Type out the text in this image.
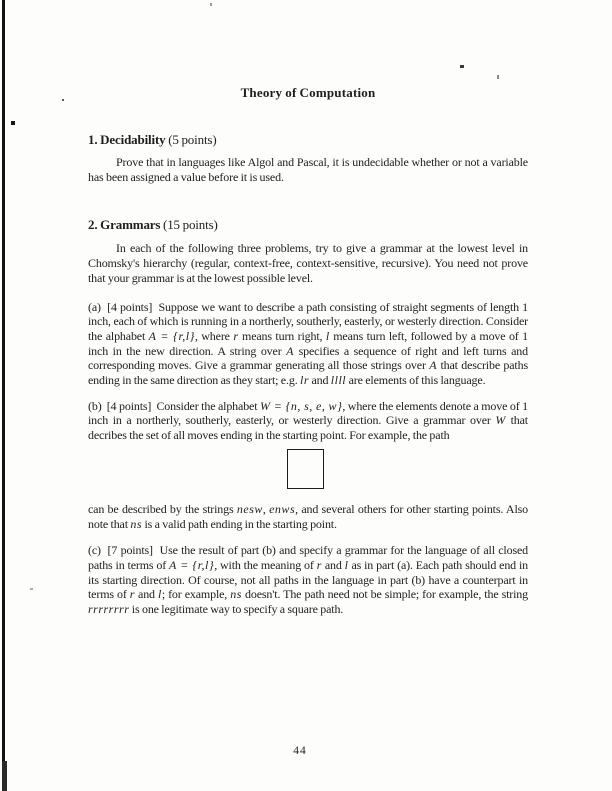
Theory of Computation
1. Decidability (5 points)

Prove that in languages like Algol and Pascal, it is undecidable whether or not a variable has been assigned a value before it is used.

2. Grammars (15 points)

In each of the following three problems, try to give a grammar at the lowest level in Chomsky's hierarchy (regular, context-free, context-sensitive, recursive). You need not prove that your grammar is at the lowest possible level.

(a)  [4 points]  Suppose we want to describe a path consisting of straight segments of length 1 inch, each of which is running in a northerly, southerly, easterly, or westerly direction. Consider the alphabet A = {r,l}, where r means turn right, l means turn left, followed by a move of 1 inch in the new direction. A string over A specifies a sequence of right and left turns and corresponding moves. Give a grammar generating all those strings over A that describe paths ending in the same direction as they start; e.g. lr and llll are elements of this language.

(b)  [4 points]  Consider the alphabet W = {n, s, e, w}, where the elements denote a move of 1 inch in a northerly, southerly, easterly, or westerly direction. Give a grammar over W that decribes the set of all moves ending in the starting point. For example, the path

can be described by the strings nesw, enws, and several others for other starting points. Also note that ns is a valid path ending in the starting point.

(c)  [7 points]  Use the result of part (b) and specify a grammar for the language of all closed paths in terms of A = {r,l}, with the meaning of r and l as in part (a). Each path should end in its starting direction. Of course, not all paths in the language in part (b) have a counterpart in terms of r and l; for example, ns doesn't. The path need not be simple; for example, the string rrrrrrrr is one legitimate way to specify a square path.

44
